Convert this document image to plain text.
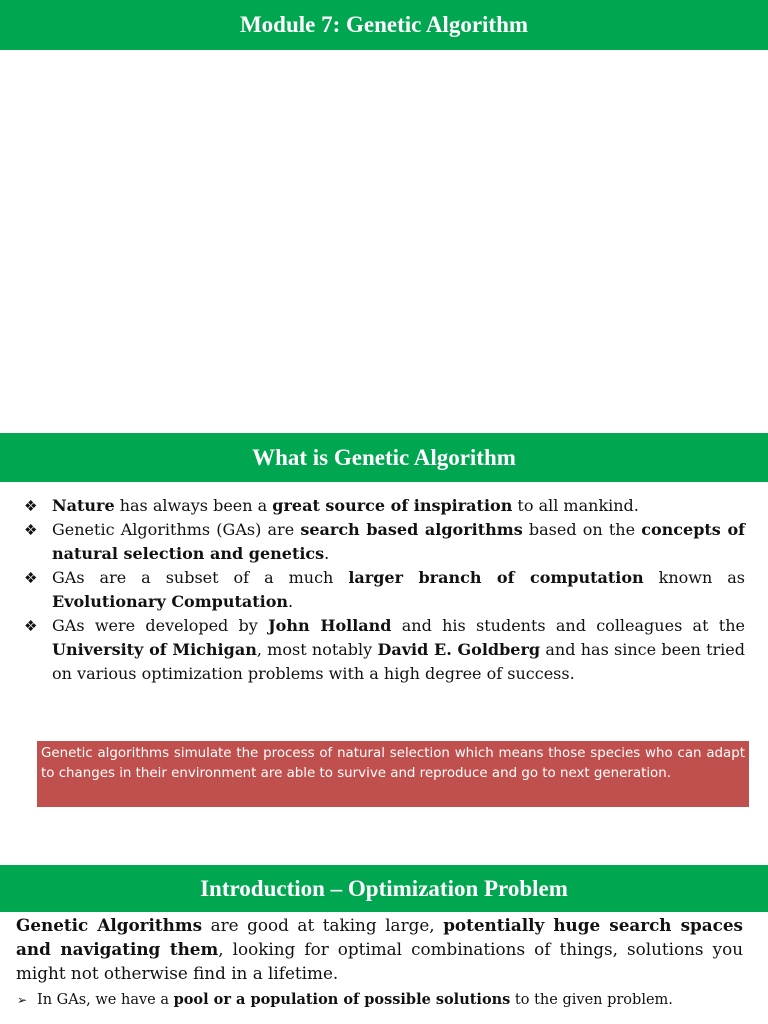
Module 7: Genetic Algorithm
What is Genetic Algorithm
❖ Nature has always been a great source of inspiration to all mankind.
❖ Genetic Algorithms (GAs) are search based algorithms based on the concepts of natural selection and genetics.
❖ GAs are a subset of a much larger branch of computation known as Evolutionary Computation.
❖ GAs were developed by John Holland and his students and colleagues at the University of Michigan, most notably David E. Goldberg and has since been tried on various optimization problems with a high degree of success.
Genetic algorithms simulate the process of natural selection which means those species who can adapt to changes in their environment are able to survive and reproduce and go to next generation.
Introduction – Optimization Problem

Genetic Algorithms are good at taking large, potentially huge search spaces and navigating them, looking for optimal combinations of things, solutions you might not otherwise find in a lifetime.

➢ In GAs, we have a pool or a population of possible solutions to the given problem.
